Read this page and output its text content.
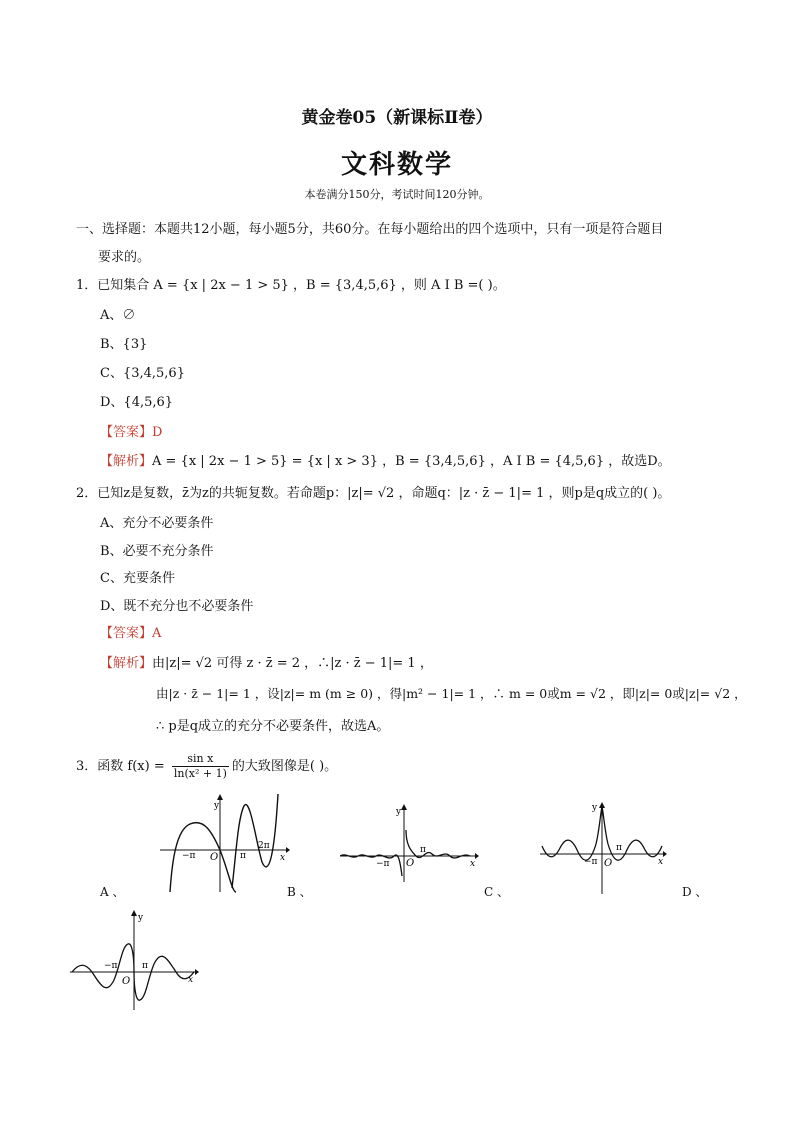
黄金卷05（新课标Ⅱ卷）
文科数学
本卷满分150分，考试时间120分钟。
一、选择题：本题共12小题，每小题5分，共60分。在每小题给出的四个选项中，只有一项是符合题目
要求的。
1．已知集合 A = {x | 2x − 1 > 5} ，B = {3,4,5,6} ，则 A I B =( )。
A、∅
B、{3}
C、{3,4,5,6}
D、{4,5,6}
【答案】D
【解析】A = {x | 2x − 1 > 5} = {x | x > 3} ，B = {3,4,5,6} ，A I B = {4,5,6} ，故选D。
2．已知z是复数，z̄为z的共轭复数。若命题p：|z|= √2 ，命题q：|z · z̄ − 1|= 1 ，则p是q成立的( )。
A、充分不必要条件
B、必要不充分条件
C、充要条件
D、既不充分也不必要条件
【答案】A
【解析】由|z|= √2 可得 z · z̄ = 2 ，∴|z · z̄ − 1|= 1 ，
由|z · z̄ − 1|= 1 ，设|z|= m (m ≥ 0) ，得|m² − 1|= 1 ，∴ m = 0或m = √2 ，即|z|= 0或|z|= √2 ，
∴ p是q成立的充分不必要条件，故选A。
3．函数 $f(x) = \frac{\text{sin x}}{\text{ln(x² + 1)}}$ 的大致图像是( )。
y
x
O
−π	π
2π
y
x
O
−π
π
y
x
O
−π
π
A 、	B 、	C 、	D 、
y
x
O
−π	π
